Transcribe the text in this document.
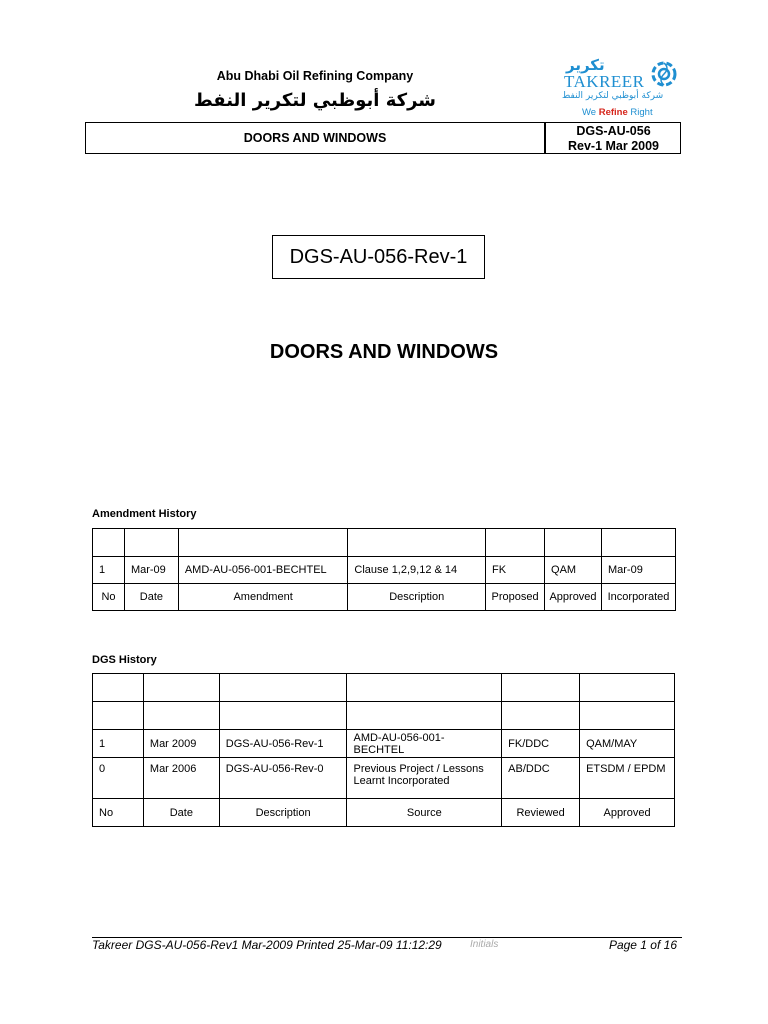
Abu Dhabi Oil Refining Company
شركة أبوظبي لتكرير النفط
تكرير
TAKREER
شركة أبوظبي لتكرير النفط
We Refine Right
DOORS AND WINDOWS	DGS-AU-056
Rev-1 Mar 2009
DGS-AU-056-Rev-1
DOORS AND WINDOWS
Amendment History

1	Mar-09	AMD-AU-056-001-BECHTEL	Clause 1,2,9,12 & 14	FK	QAM	Mar-09
No	Date	Amendment	Description	Proposed	Approved	Incorporated
DGS History

1	Mar 2009	DGS-AU-056-Rev-1	AMD-AU-056-001-BECHTEL	FK/DDC	QAM/MAY
0	Mar 2006	DGS-AU-056-Rev-0	Previous Project / Lessons Learnt Incorporated	AB/DDC	ETSDM / EPDM
No	Date	Description	Source	Reviewed	Approved
Takreer DGS-AU-056-Rev1 Mar-2009 Printed 25-Mar-09 11:12:29	Initials	Page 1 of 16
